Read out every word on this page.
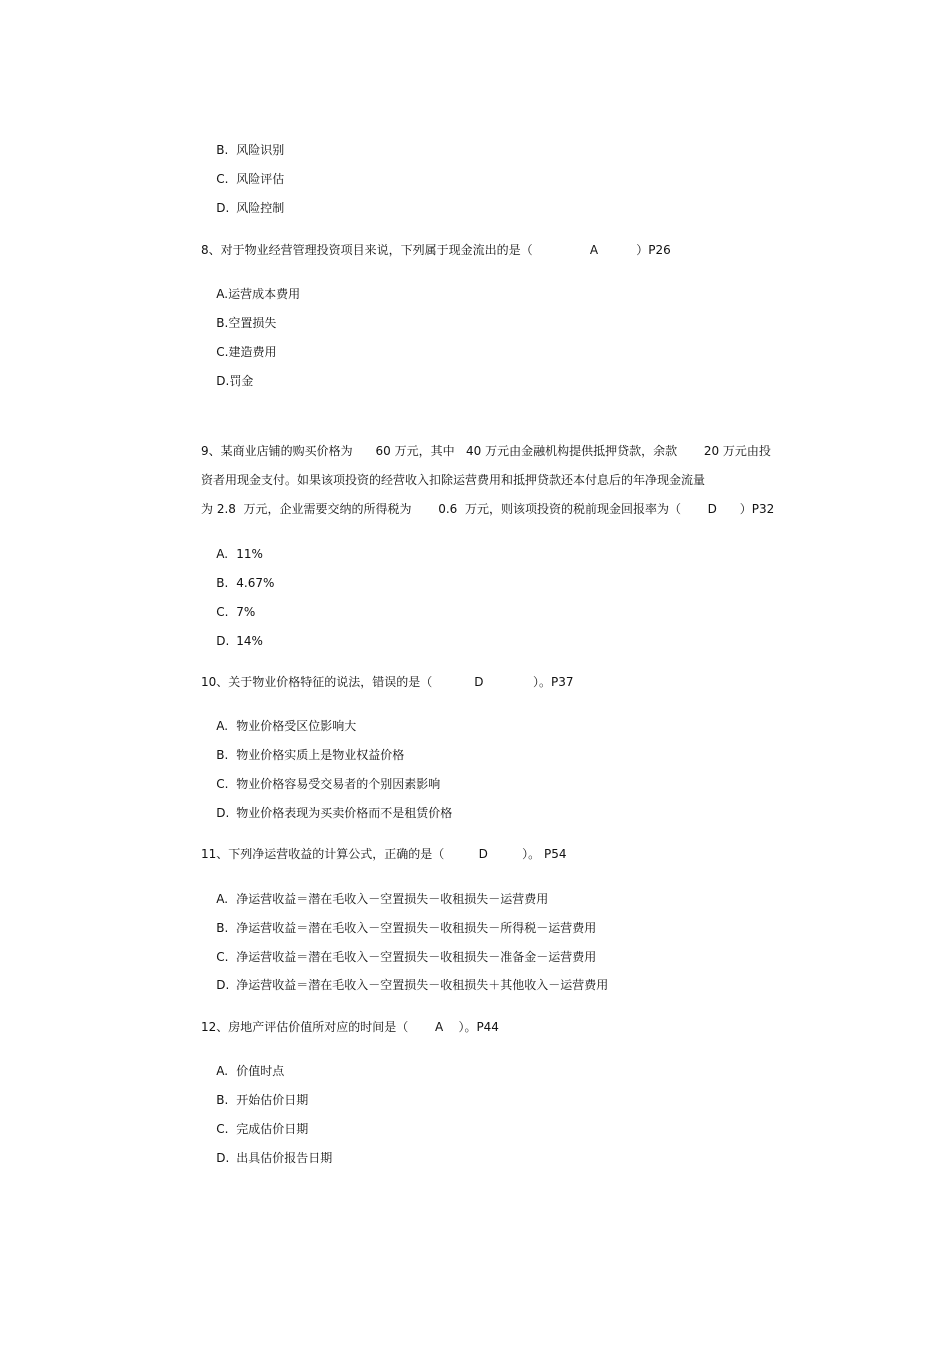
B. 风险识别

C. 风险评估

D. 风险控制

8、对于物业经营管理投资项目来说，下列属于现金流出的是（               A          ）P26

A.运营成本费用

B.空置损失

C.建造费用

D.罚金

9、某商业店铺的购买价格为      60 万元，其中   40 万元由金融机构提供抵押贷款，余款       20 万元由投
资者用现金支付。如果该项投资的经营收入扣除运营费用和抵押贷款还本付息后的年净现金流量
为 2.8  万元，企业需要交纳的所得税为       0.6  万元，则该项投资的税前现金回报率为（       D      ）P32

A. 11%

B. 4.67%

C. 7%

D. 14%

10、关于物业价格特征的说法，错误的是（           D             ）。P37

A. 物业价格受区位影响大

B. 物业价格实质上是物业权益价格

C. 物业价格容易受交易者的个别因素影响

D. 物业价格表现为买卖价格而不是租赁价格

11、下列净运营收益的计算公式，正确的是（         D         ）。 P54

A. 净运营收益＝潜在毛收入－空置损失－收租损失－运营费用

B. 净运营收益＝潜在毛收入－空置损失－收租损失－所得税－运营费用

C. 净运营收益＝潜在毛收入－空置损失－收租损失－准备金－运营费用

D. 净运营收益＝潜在毛收入－空置损失－收租损失＋其他收入－运营费用

12、房地产评估价值所对应的时间是（       A    ）。P44

A. 价值时点

B. 开始估价日期

C. 完成估价日期

D. 出具估价报告日期
